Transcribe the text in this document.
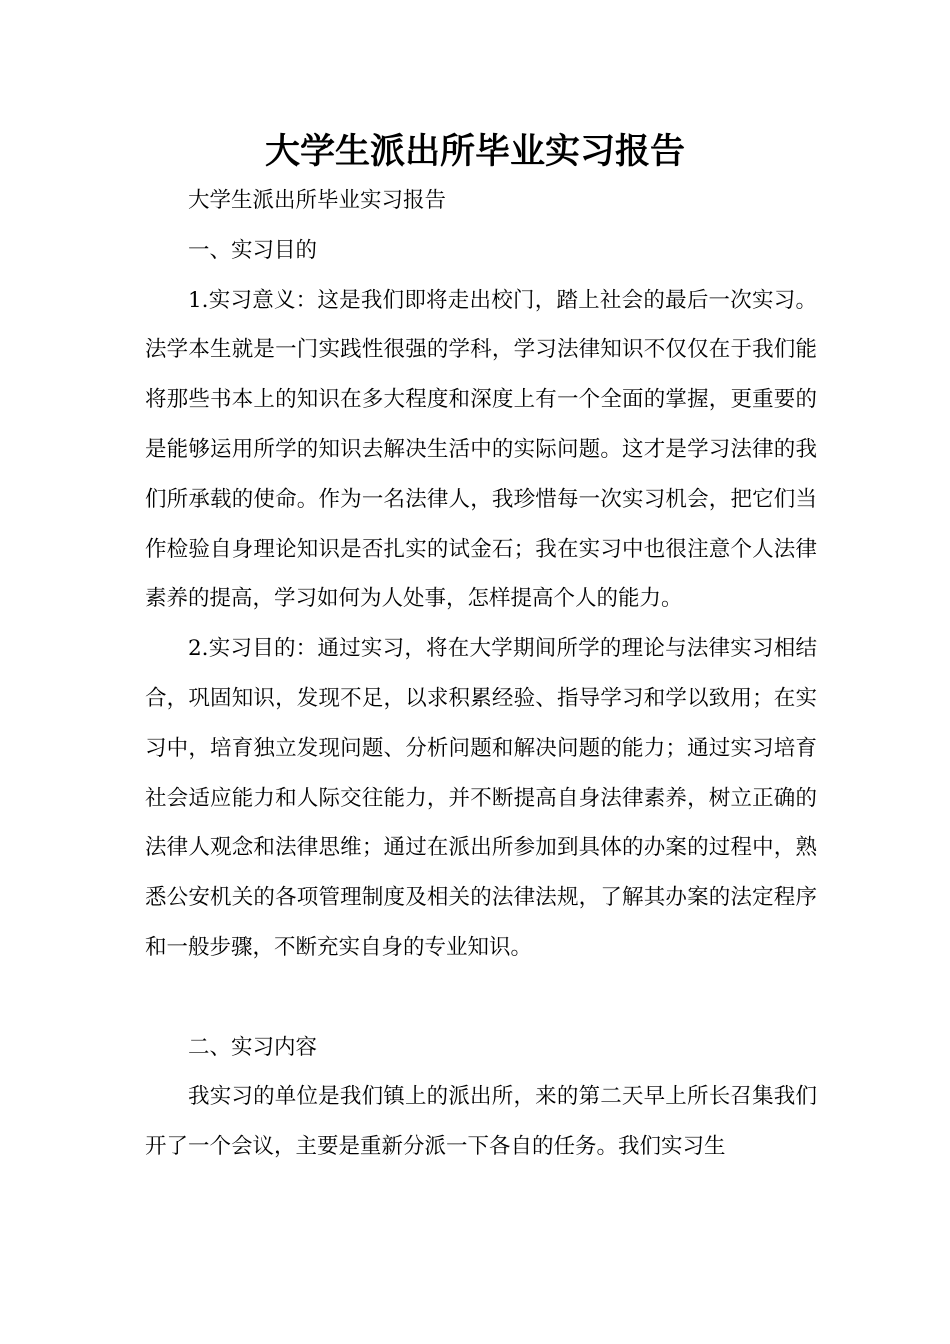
大学生派出所毕业实习报告

大学生派出所毕业实习报告

一、实习目的

1.实习意义：这是我们即将走出校门，踏上社会的最后一次实习。法学本生就是一门实践性很强的学科，学习法律知识不仅仅在于我们能将那些书本上的知识在多大程度和深度上有一个全面的掌握，更重要的是能够运用所学的知识去解决生活中的实际问题。这才是学习法律的我们所承载的使命。作为一名法律人，我珍惜每一次实习机会，把它们当作检验自身理论知识是否扎实的试金石；我在实习中也很注意个人法律素养的提高，学习如何为人处事，怎样提高个人的能力。

2.实习目的：通过实习，将在大学期间所学的理论与法律实习相结合，巩固知识，发现不足，以求积累经验、指导学习和学以致用；在实习中，培育独立发现问题、分析问题和解决问题的能力；通过实习培育社会适应能力和人际交往能力，并不断提高自身法律素养，树立正确的法律人观念和法律思维；通过在派出所参加到具体的办案的过程中，熟悉公安机关的各项管理制度及相关的法律法规，了解其办案的法定程序和一般步骤，不断充实自身的专业知识。

二、实习内容

我实习的单位是我们镇上的派出所，来的第二天早上所长召集我们开了一个会议，主要是重新分派一下各自的任务。我们实习生
